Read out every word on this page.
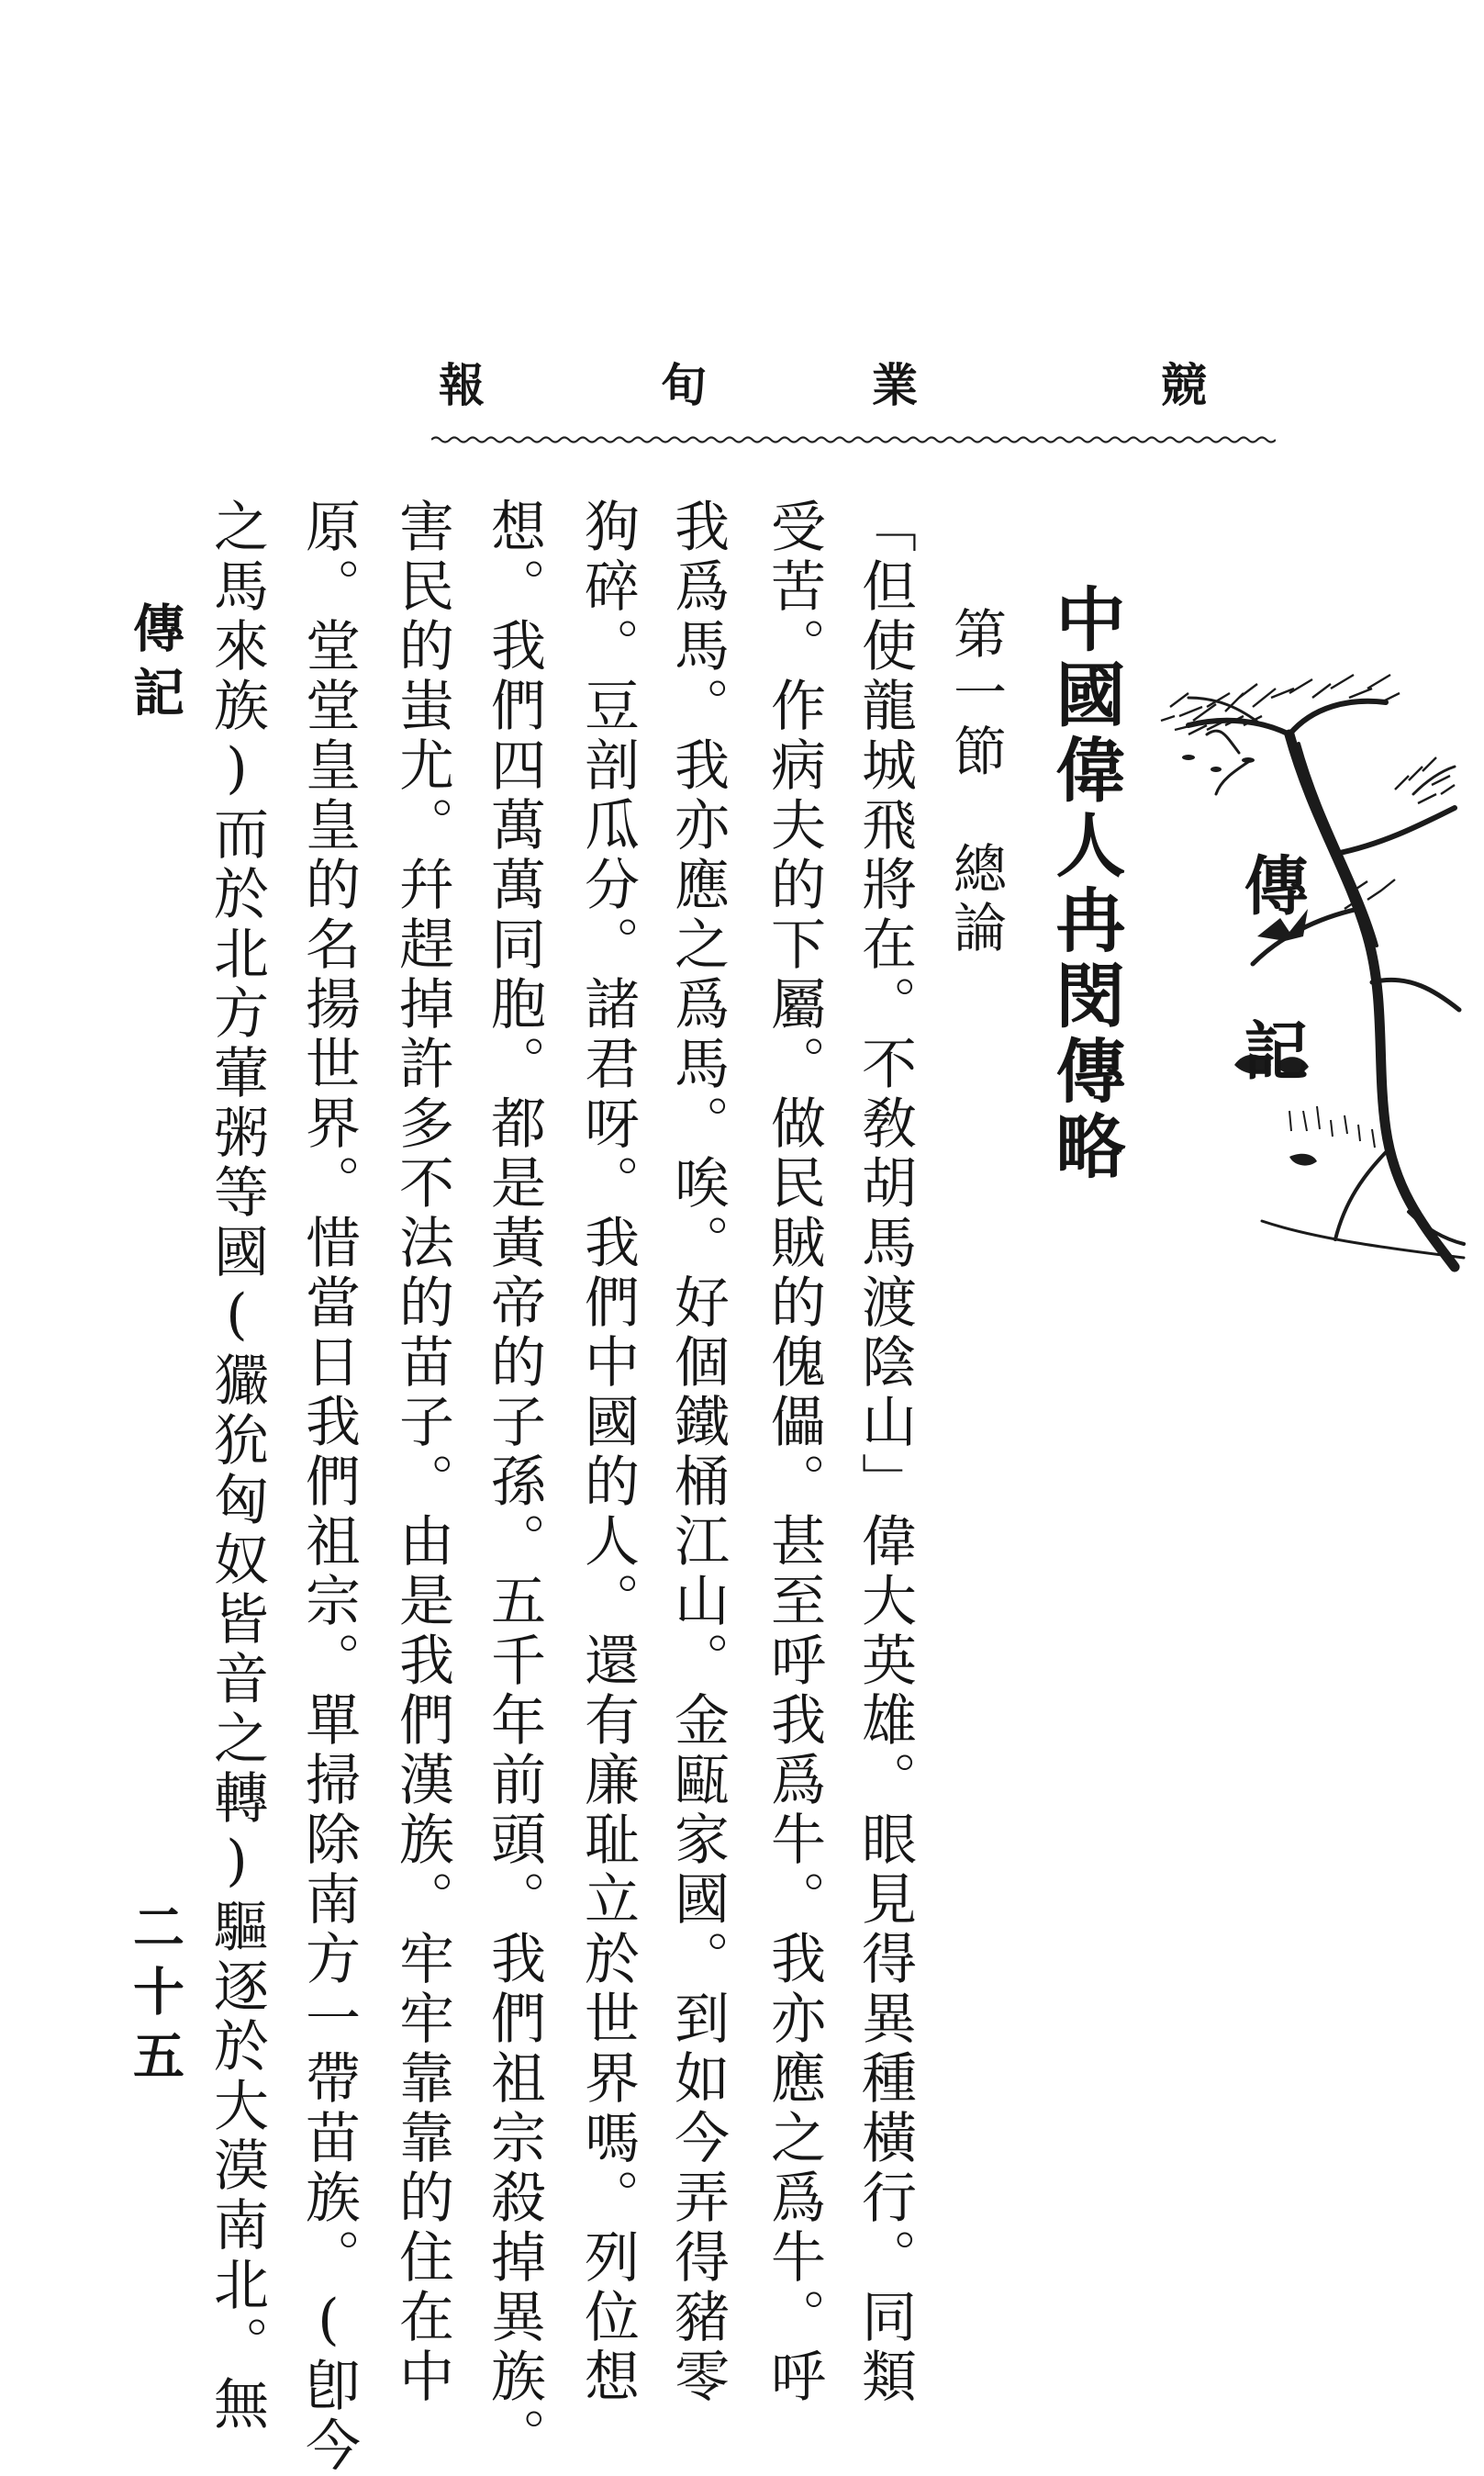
競
業
旬
報
傳　記
中國偉人冉閔傳略
第一節　總論
「但使龍城飛將在。不敎胡馬渡陰山」偉大英雄。眼見得異種橫行。同類
受苦。作病夫的下屬。做民賊的傀儡。甚至呼我爲牛。我亦應之爲牛。呼
我爲馬。我亦應之爲馬。唉。好個鐵桶江山。金甌家國。到如今弄得豬零
狗碎。豆剖瓜分。諸君呀。我們中國的人。還有廉耻立於世界嗎。列位想
想。我們四萬萬同胞。都是黃帝的子孫。五千年前頭。我們祖宗殺掉異族。
害民的蚩尤。幷趕掉許多不法的苗子。由是我們漢族。牢牢靠靠的住在中
原。堂堂皇皇的名揚世界。惜當日我們祖宗。單掃除南方一帶苗族。(卽今
之馬來族)而於北方葷粥等國(玁狁匈奴皆音之轉)驅逐於大漠南北。無
傳記
二十五
